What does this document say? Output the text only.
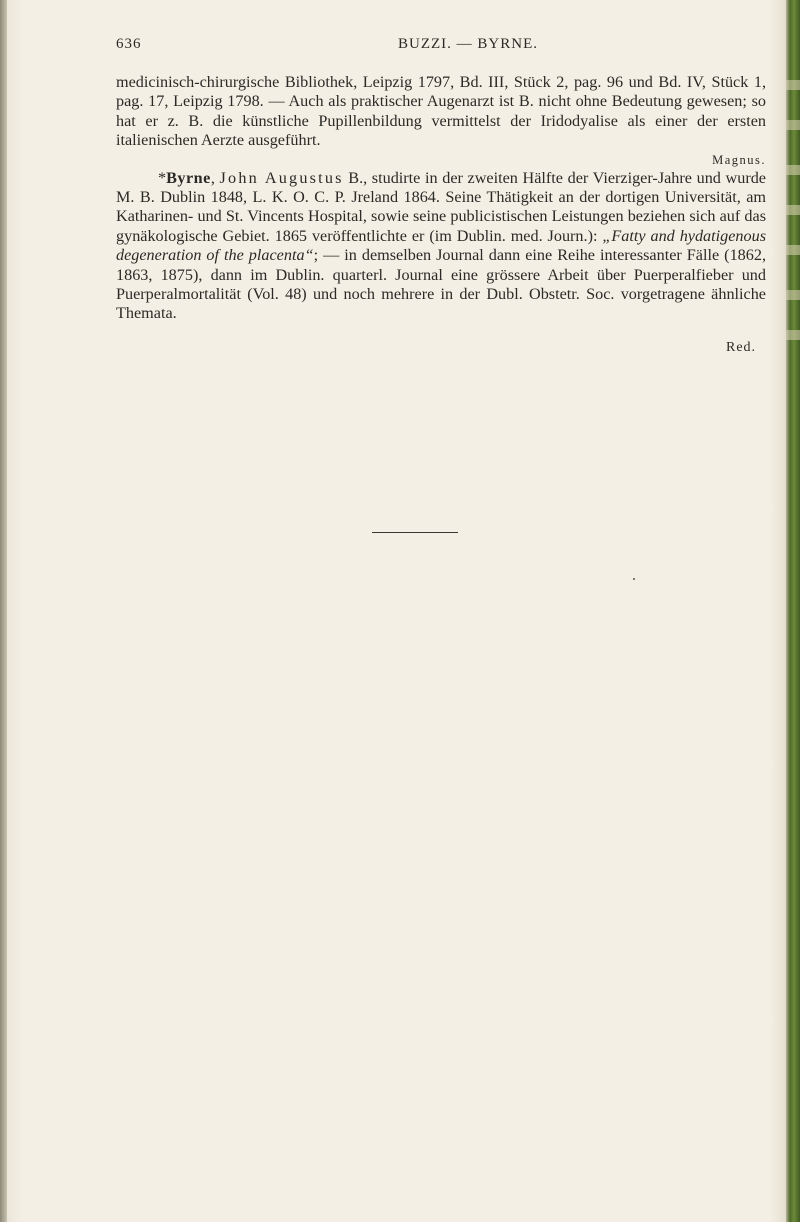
636	BUZZI. — BYRNE.

medicinisch-chirurgische Bibliothek, Leipzig 1797, Bd. III, Stück 2, pag. 96 und Bd. IV, Stück 1, pag. 17, Leipzig 1798. — Auch als praktischer Augenarzt ist B. nicht ohne Bedeutung gewesen; so hat er z. B. die künstliche Pupillenbildung vermittelst der Iridodyalise als einer der ersten italienischen Aerzte ausgeführt.

Magnus.

*Byrne, John Augustus B., studirte in der zweiten Hälfte der Vierziger-Jahre und wurde M. B. Dublin 1848, L. K. O. C. P. Jreland 1864. Seine Thätigkeit an der dortigen Universität, am Katharinen- und St. Vincents Hospital, sowie seine publicistischen Leistungen beziehen sich auf das gynäkologische Gebiet. 1865 veröffentlichte er (im Dublin. med. Journ.): „Fatty and hydatigenous degeneration of the placenta“; — in demselben Journal dann eine Reihe interessanter Fälle (1862, 1863, 1875), dann im Dublin. quarterl. Journal eine grössere Arbeit über Puerperalfieber und Puerperalmortalität (Vol. 48) und noch mehrere in der Dubl. Obstetr. Soc. vorgetragene ähnliche Themata.

Red.
